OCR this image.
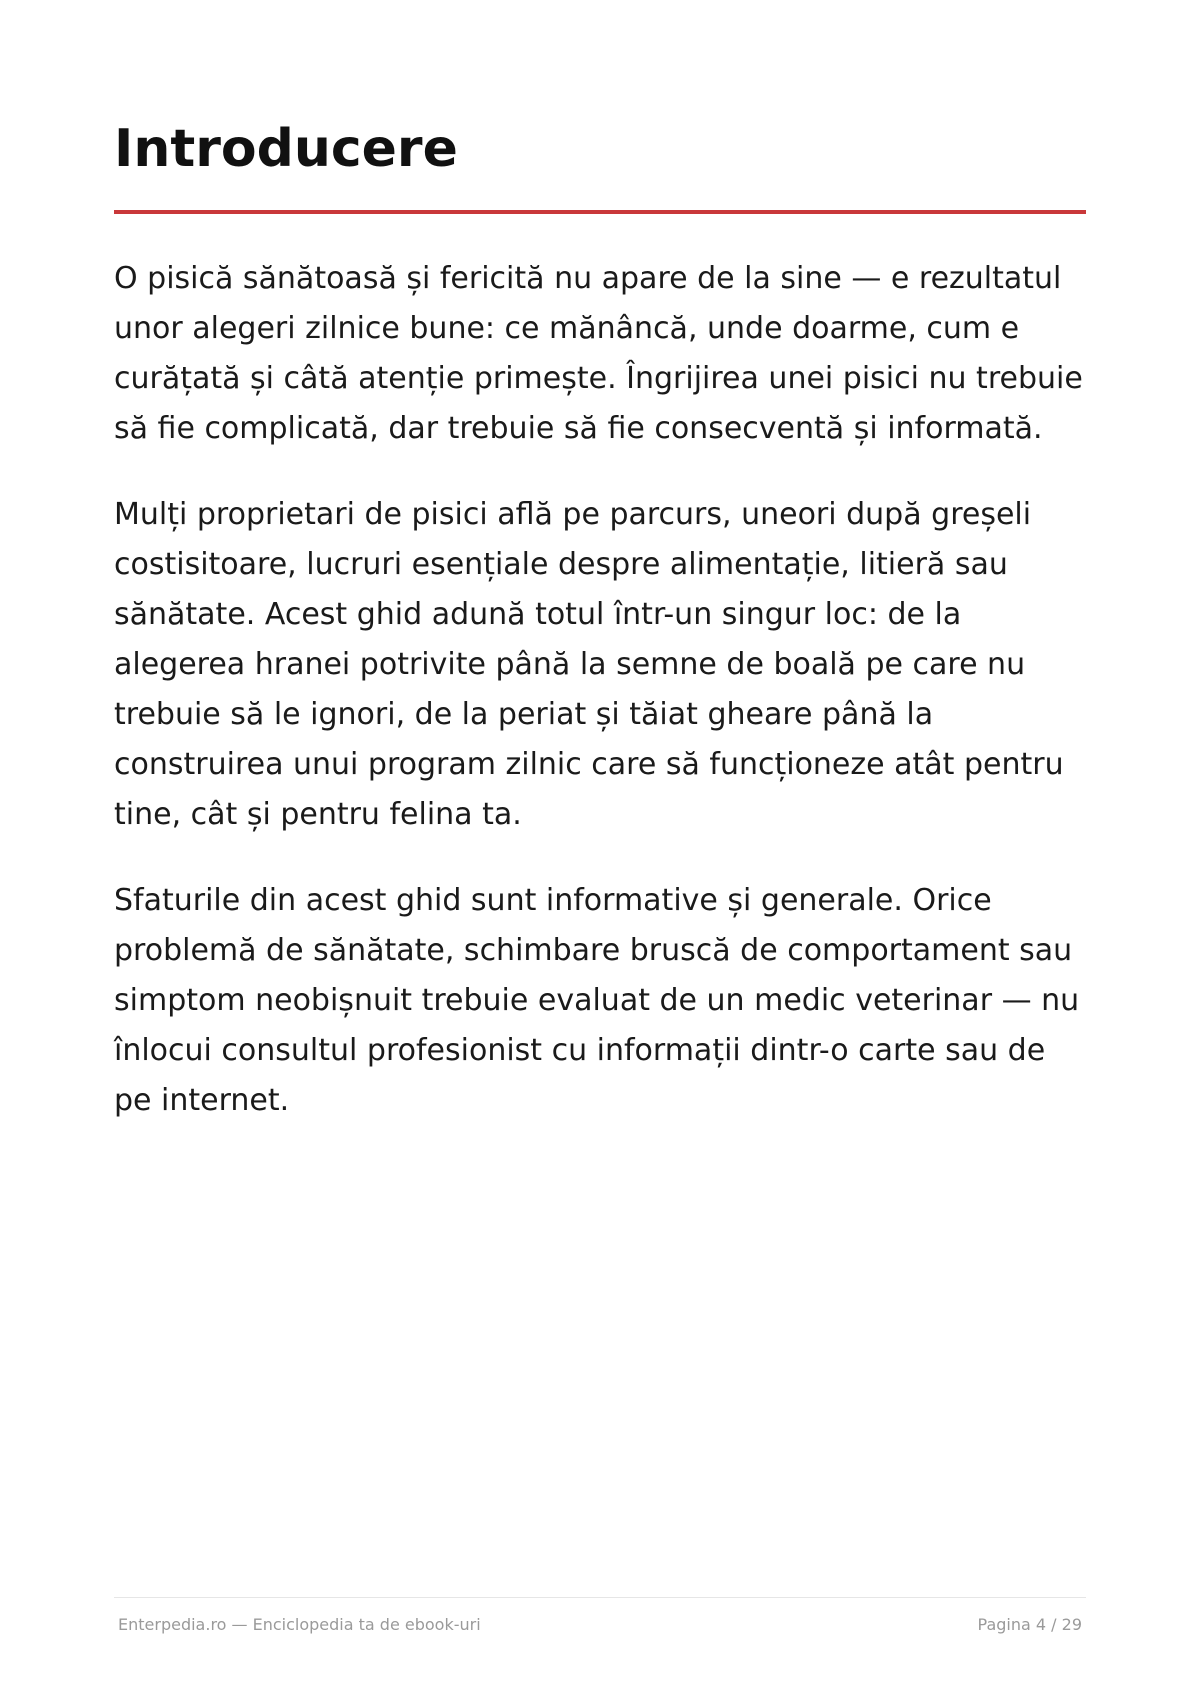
Introducere

O pisică sănătoasă și fericită nu apare de la sine — e rezultatul unor alegeri zilnice bune: ce mănâncă, unde doarme, cum e curățată și câtă atenție primește. Îngrijirea unei pisici nu trebuie să fie complicată, dar trebuie să fie consecventă și informată.

Mulți proprietari de pisici află pe parcurs, uneori după greșeli costisitoare, lucruri esențiale despre alimentație, litieră sau sănătate. Acest ghid adună totul într-un singur loc: de la alegerea hranei potrivite până la semne de boală pe care nu trebuie să le ignori, de la periat și tăiat gheare până la construirea unui program zilnic care să funcționeze atât pentru tine, cât și pentru felina ta.

Sfaturile din acest ghid sunt informative și generale. Orice problemă de sănătate, schimbare bruscă de comportament sau simptom neobișnuit trebuie evaluat de un medic veterinar — nu înlocui consultul profesionist cu informații dintr-o carte sau de pe internet.

Enterpedia.ro — Enciclopedia ta de ebook-uri	Pagina 4 / 29
